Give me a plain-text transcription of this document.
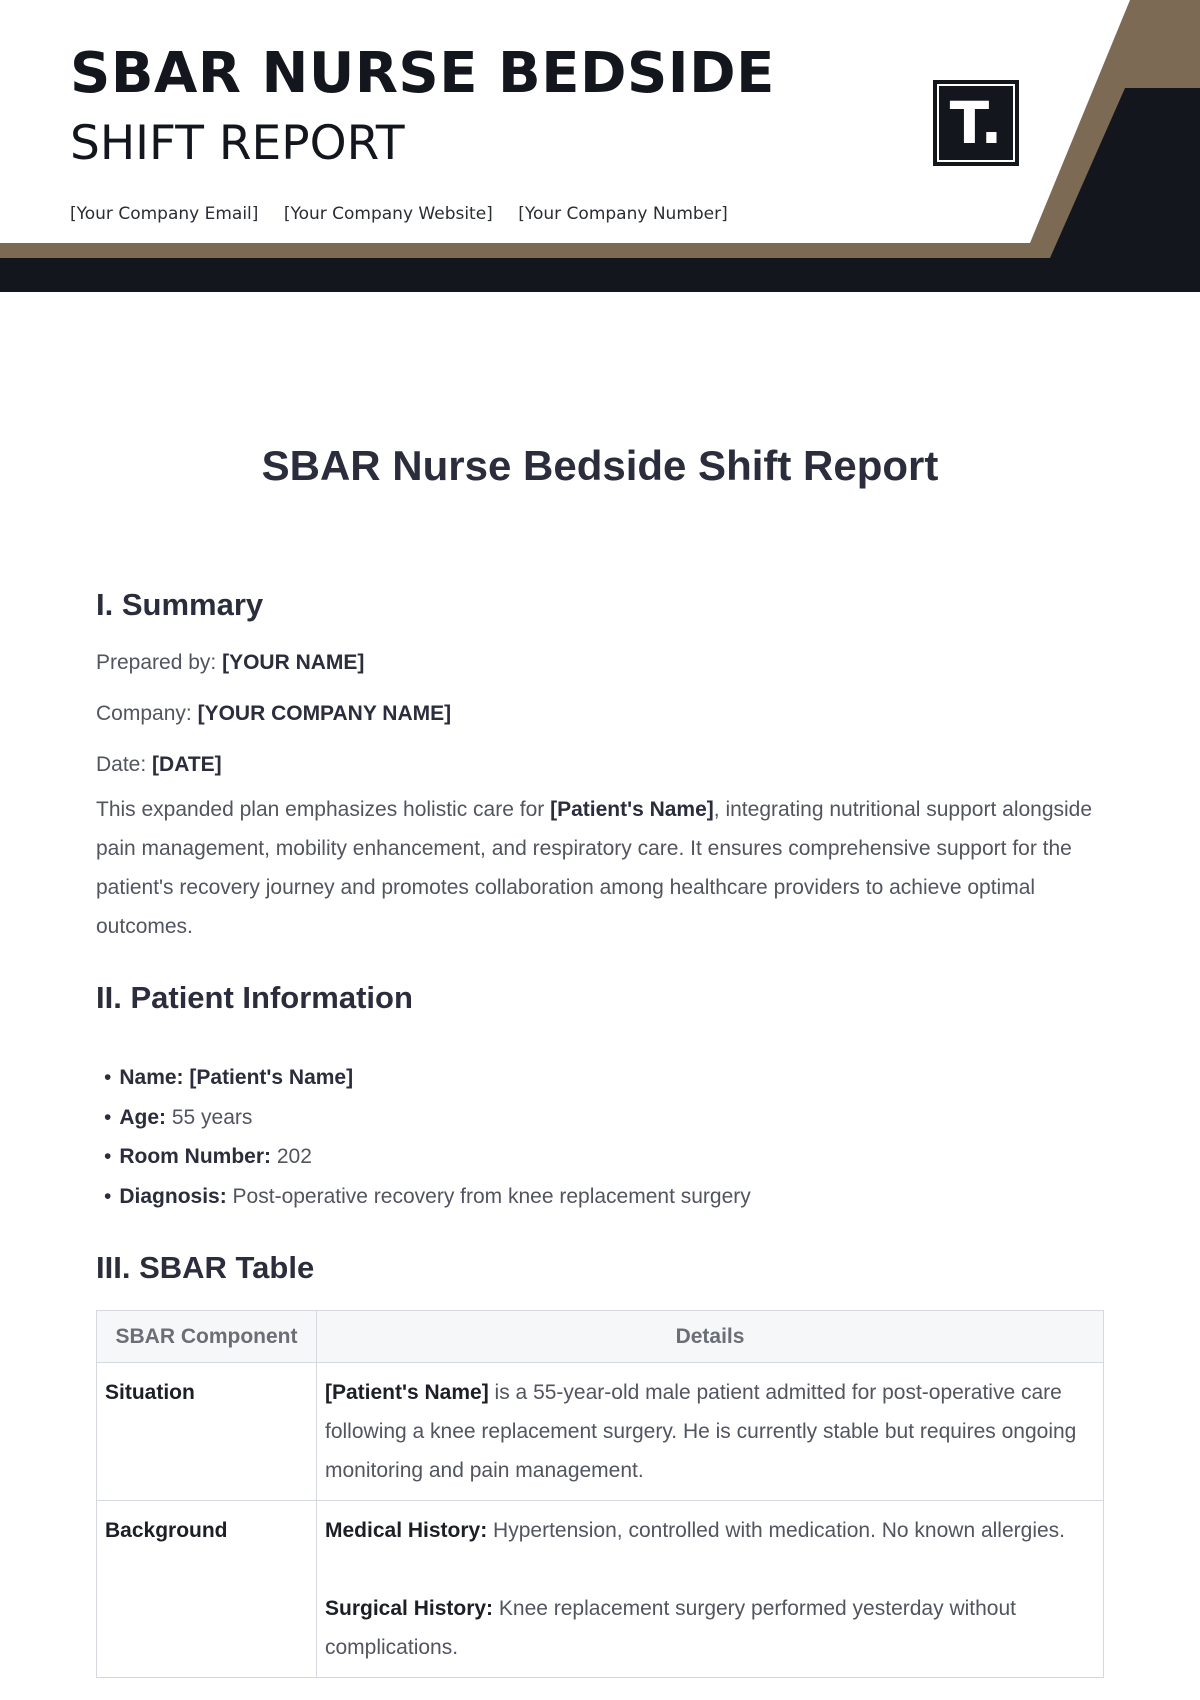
SBAR NURSE BEDSIDE
SHIFT REPORT
[Your Company Email] [Your Company Website] [Your Company Number]
T.
SBAR Nurse Bedside Shift Report
I. Summary

Prepared by: [YOUR NAME]

Company: [YOUR COMPANY NAME]

Date: [DATE]

This expanded plan emphasizes holistic care for [Patient's Name], integrating nutritional support alongside pain management, mobility enhancement, and respiratory care. It ensures comprehensive support for the patient's recovery journey and promotes collaboration among healthcare providers to achieve optimal outcomes.

II. Patient Information
• Name: [Patient's Name]
• Age: 55 years
• Room Number: 202
• Diagnosis: Post-operative recovery from knee replacement surgery
III. SBAR Table
SBAR Component	Details
Situation	[Patient's Name] is a 55-year-old male patient admitted for post-operative care following a knee replacement surgery. He is currently stable but requires ongoing monitoring and pain management.
Background	Medical History: Hypertension, controlled with medication. No known allergies.
Surgical History: Knee replacement surgery performed yesterday without complications.
